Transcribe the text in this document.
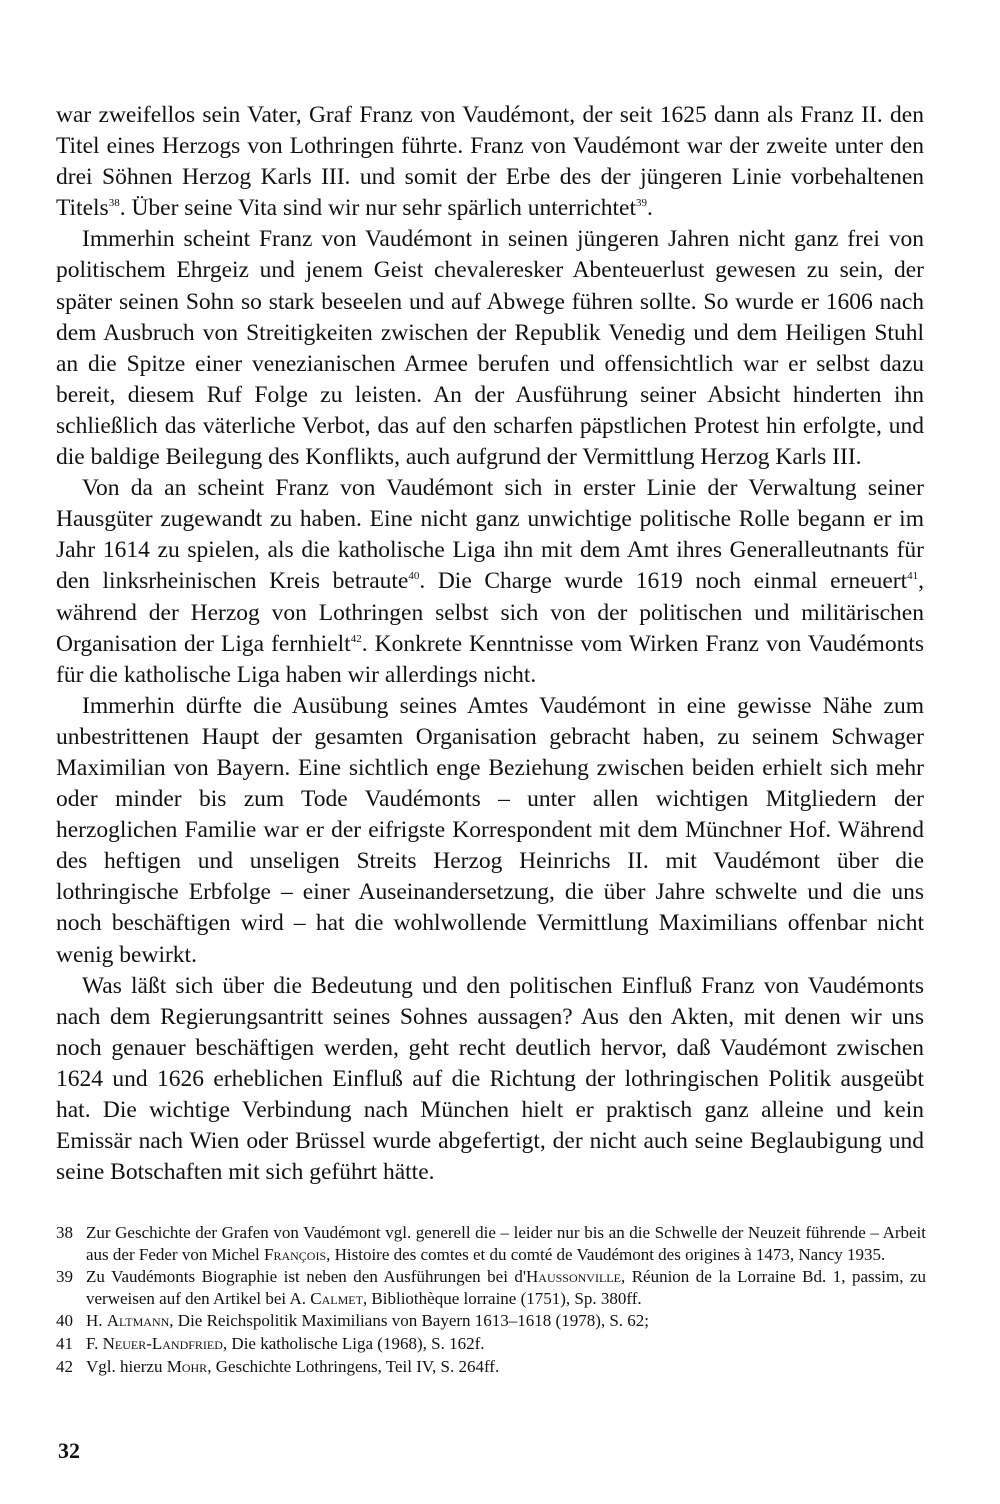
war zweifellos sein Vater, Graf Franz von Vaudémont, der seit 1625 dann als Franz II. den Titel eines Herzogs von Lothringen führte. Franz von Vaudémont war der zweite unter den drei Söhnen Herzog Karls III. und somit der Erbe des der jüngeren Linie vorbehaltenen Titels$^{38}$. Über seine Vita sind wir nur sehr spärlich unterrichtet$^{39}$.

Immerhin scheint Franz von Vaudémont in seinen jüngeren Jahren nicht ganz frei von politischem Ehrgeiz und jenem Geist chevaleresker Abenteuerlust gewesen zu sein, der später seinen Sohn so stark beseelen und auf Abwege führen sollte. So wurde er 1606 nach dem Ausbruch von Streitigkeiten zwischen der Republik Venedig und dem Heiligen Stuhl an die Spitze einer venezianischen Armee berufen und offensichtlich war er selbst dazu bereit, diesem Ruf Folge zu leisten. An der Ausführung seiner Absicht hinderten ihn schließlich das väterliche Verbot, das auf den scharfen päpstlichen Protest hin erfolgte, und die baldige Beilegung des Konflikts, auch aufgrund der Vermittlung Herzog Karls III.

Von da an scheint Franz von Vaudémont sich in erster Linie der Verwaltung seiner Hausgüter zugewandt zu haben. Eine nicht ganz unwichtige politische Rolle begann er im Jahr 1614 zu spielen, als die katholische Liga ihn mit dem Amt ihres Generalleutnants für den linksrheinischen Kreis betraute$^{40}$. Die Charge wurde 1619 noch einmal erneuert$^{41}$, während der Herzog von Lothringen selbst sich von der politischen und militärischen Organisation der Liga fernhielt$^{42}$. Konkrete Kenntnisse vom Wirken Franz von Vaudémonts für die katholische Liga haben wir allerdings nicht.

Immerhin dürfte die Ausübung seines Amtes Vaudémont in eine gewisse Nähe zum unbestrittenen Haupt der gesamten Organisation gebracht haben, zu seinem Schwager Maximilian von Bayern. Eine sichtlich enge Beziehung zwischen beiden erhielt sich mehr oder minder bis zum Tode Vaudémonts – unter allen wichtigen Mitgliedern der herzoglichen Familie war er der eifrigste Korrespondent mit dem Münchner Hof. Während des heftigen und unseligen Streits Herzog Heinrichs II. mit Vaudémont über die lothringische Erbfolge – einer Auseinandersetzung, die über Jahre schwelte und die uns noch beschäftigen wird – hat die wohlwollende Vermittlung Maximilians offenbar nicht wenig bewirkt.

Was läßt sich über die Bedeutung und den politischen Einfluß Franz von Vaudémonts nach dem Regierungsantritt seines Sohnes aussagen? Aus den Akten, mit denen wir uns noch genauer beschäftigen werden, geht recht deutlich hervor, daß Vaudémont zwischen 1624 und 1626 erheblichen Einfluß auf die Richtung der lothringischen Politik ausgeübt hat. Die wichtige Verbindung nach München hielt er praktisch ganz alleine und kein Emissär nach Wien oder Brüssel wurde abgefertigt, der nicht auch seine Beglaubigung und seine Botschaften mit sich geführt hätte.

38 Zur Geschichte der Grafen von Vaudémont vgl. generell die – leider nur bis an die Schwelle der Neuzeit führende – Arbeit aus der Feder von Michel François, Histoire des comtes et du comté de Vaudémont des origines à 1473, Nancy 1935.
39 Zu Vaudémonts Biographie ist neben den Ausführungen bei d'Haussonville, Réunion de la Lorraine Bd. 1, passim, zu verweisen auf den Artikel bei A. Calmet, Bibliothèque lorraine (1751), Sp. 380ff.
40 H. Altmann, Die Reichspolitik Maximilians von Bayern 1613–1618 (1978), S. 62;
41 F. Neuer-Landfried, Die katholische Liga (1968), S. 162f.
42 Vgl. hierzu Mohr, Geschichte Lothringens, Teil IV, S. 264ff.
32
